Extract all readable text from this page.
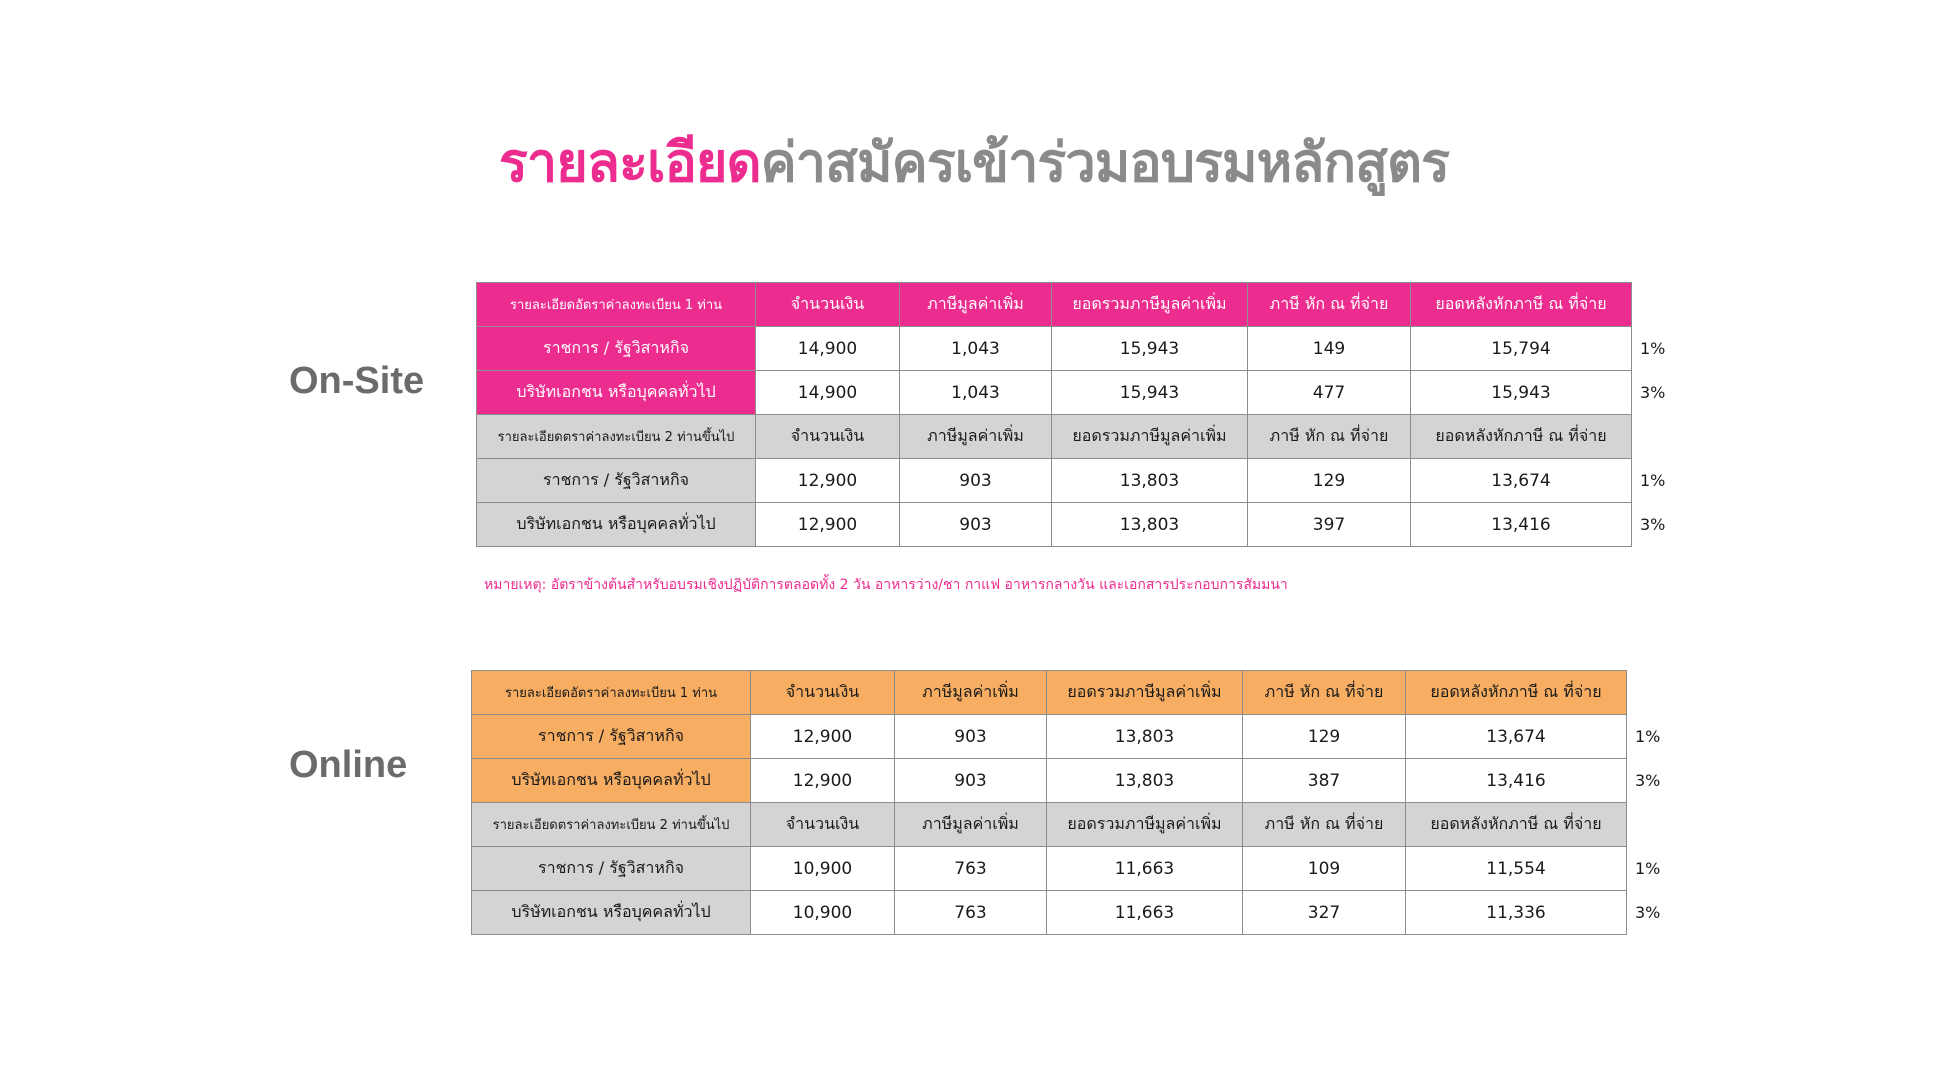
รายละเอียดค่าสมัครเข้าร่วมอบรมหลักสูตร
On-Site
รายละเอียดอัตราค่าลงทะเบียน 1 ท่าน	จำนวนเงิน	ภาษีมูลค่าเพิ่ม	ยอดรวมภาษีมูลค่าเพิ่ม	ภาษี หัก ณ ที่จ่าย	ยอดหลังหักภาษี ณ ที่จ่าย	
ราชการ / รัฐวิสาหกิจ	14,900	1,043	15,943	149	15,794	1%
บริษัทเอกชน หรือบุคคลทั่วไป	14,900	1,043	15,943	477	15,943	3%
รายละเอียดตราค่าลงทะเบียน 2 ท่านขึ้นไป	จำนวนเงิน	ภาษีมูลค่าเพิ่ม	ยอดรวมภาษีมูลค่าเพิ่ม	ภาษี หัก ณ ที่จ่าย	ยอดหลังหักภาษี ณ ที่จ่าย	
ราชการ / รัฐวิสาหกิจ	12,900	903	13,803	129	13,674	1%
บริษัทเอกชน หรือบุคคลทั่วไป	12,900	903	13,803	397	13,416	3%

หมายเหตุ: อัตราข้างต้นสำหรับอบรมเชิงปฏิบัติการตลอดทั้ง 2 วัน อาหารว่าง/ชา กาแฟ อาหารกลางวัน และเอกสารประกอบการสัมมนา

Online
รายละเอียดอัตราค่าลงทะเบียน 1 ท่าน	จำนวนเงิน	ภาษีมูลค่าเพิ่ม	ยอดรวมภาษีมูลค่าเพิ่ม	ภาษี หัก ณ ที่จ่าย	ยอดหลังหักภาษี ณ ที่จ่าย	
ราชการ / รัฐวิสาหกิจ	12,900	903	13,803	129	13,674	1%
บริษัทเอกชน หรือบุคคลทั่วไป	12,900	903	13,803	387	13,416	3%
รายละเอียดตราค่าลงทะเบียน 2 ท่านขึ้นไป	จำนวนเงิน	ภาษีมูลค่าเพิ่ม	ยอดรวมภาษีมูลค่าเพิ่ม	ภาษี หัก ณ ที่จ่าย	ยอดหลังหักภาษี ณ ที่จ่าย	
ราชการ / รัฐวิสาหกิจ	10,900	763	11,663	109	11,554	1%
บริษัทเอกชน หรือบุคคลทั่วไป	10,900	763	11,663	327	11,336	3%
